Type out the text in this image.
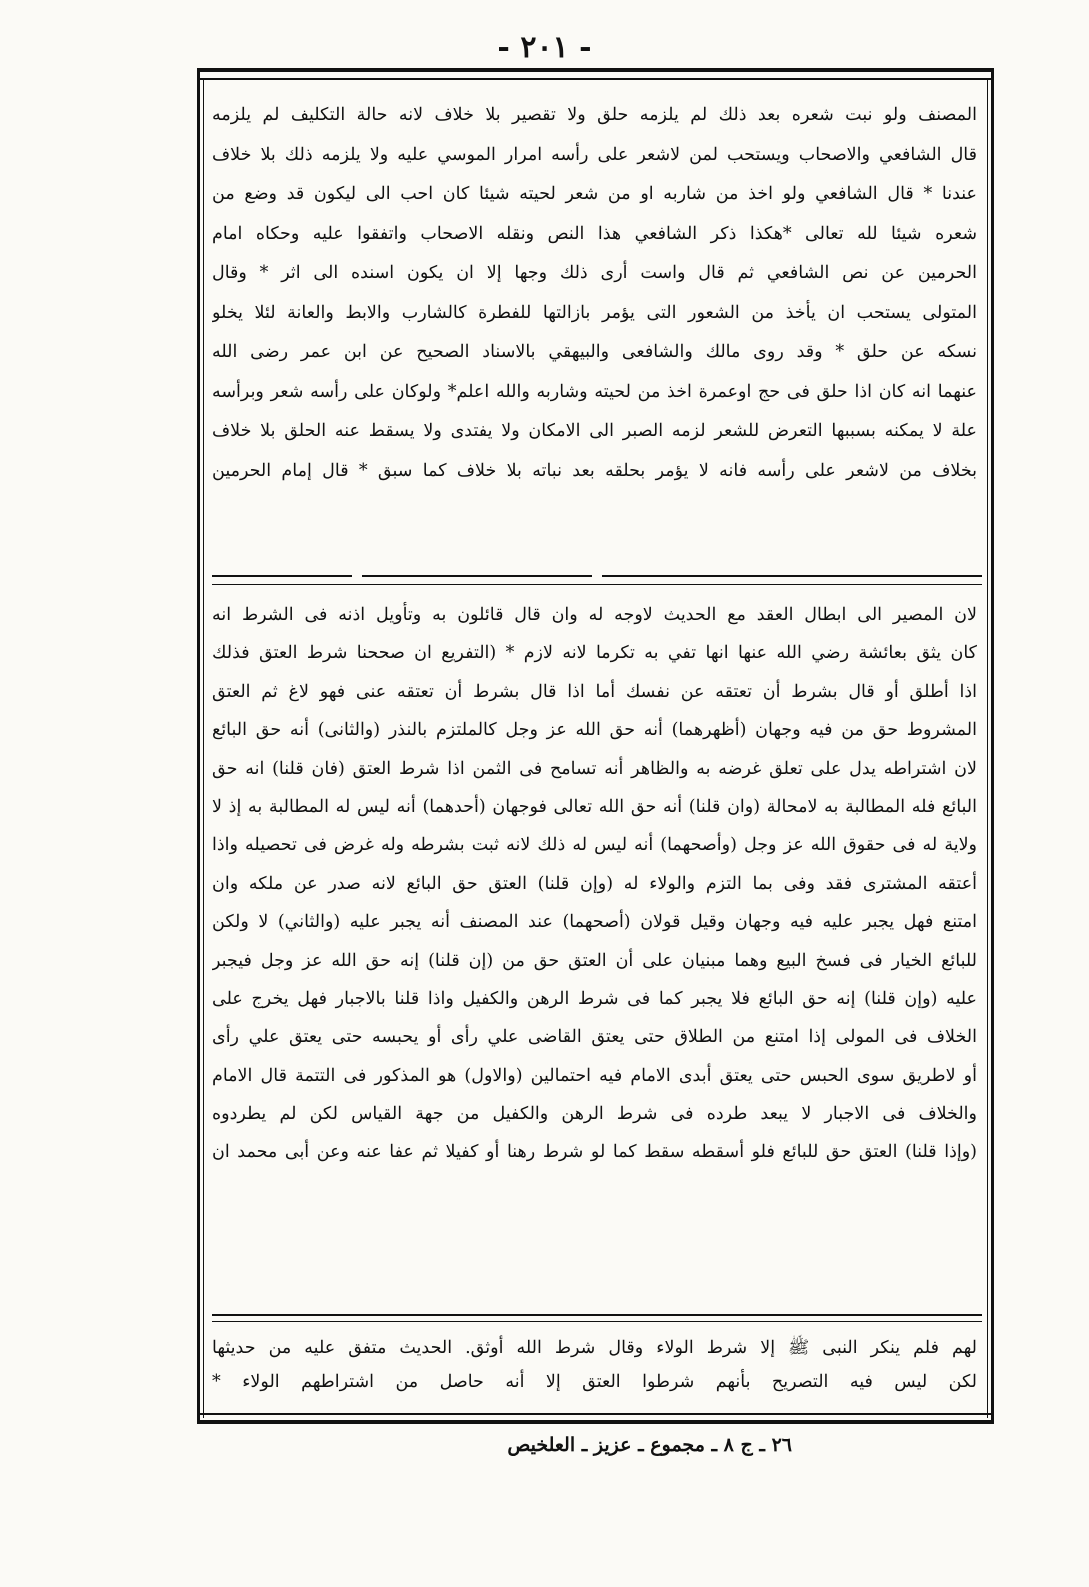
- ٢٠١ -
المصنف ولو نبت شعره بعد ذلك لم يلزمه حلق ولا تقصير بلا خلاف لانه حالة التكليف لم يلزمه
قال الشافعي والاصحاب ويستحب لمن لاشعر على رأسه امرار الموسي عليه ولا يلزمه ذلك بلا خلاف
عندنا * قال الشافعي ولو اخذ من شاربه او من شعر لحيته شيئا كان احب الى ليكون قد وضع من
شعره شيئا لله تعالى *هكذا ذكر الشافعي هذا النص ونقله الاصحاب واتفقوا عليه وحكاه امام
الحرمين عن نص الشافعي ثم قال واست أرى ذلك وجها إلا ان يكون اسنده الى اثر * وقال
المتولى يستحب ان يأخذ من الشعور التى يؤمر بازالتها للفطرة كالشارب والابط والعانة لئلا يخلو
نسكه عن حلق * وقد روى مالك والشافعى والبيهقي بالاسناد الصحيح عن ابن عمر رضى الله
عنهما انه كان اذا حلق فى حج اوعمرة اخذ من لحيته وشاربه والله اعلم* ولوكان على رأسه شعر وبرأسه
علة لا يمكنه بسببها التعرض للشعر لزمه الصبر الى الامكان ولا يفتدى ولا يسقط عنه الحلق بلا خلاف
بخلاف من لاشعر على رأسه فانه لا يؤمر بحلقه بعد نباته بلا خلاف كما سبق * قال إمام الحرمين
لان المصير الى ابطال العقد مع الحديث لاوجه له وان قال قائلون به وتأويل اذنه فى الشرط انه
كان يثق بعائشة رضي الله عنها انها تفي به تكرما لانه لازم * (التفريع ان صححنا شرط العتق فذلك
اذا أطلق أو قال بشرط أن تعتقه عن نفسك أما اذا قال بشرط أن تعتقه عنى فهو لاغ ثم العتق
المشروط حق من فيه وجهان (أظهرهما) أنه حق الله عز وجل كالملتزم بالنذر (والثانى) أنه حق البائع
لان اشتراطه يدل على تعلق غرضه به والظاهر أنه تسامح فى الثمن اذا شرط العتق (فان قلنا) انه حق
البائع فله المطالبة به لامحالة (وان قلنا) أنه حق الله تعالى فوجهان (أحدهما) أنه ليس له المطالبة به إذ لا
ولاية له فى حقوق الله عز وجل (وأصحهما) أنه ليس له ذلك لانه ثبت بشرطه وله غرض فى تحصيله واذا
أعتقه المشترى فقد وفى بما التزم والولاء له (وإن قلنا) العتق حق البائع لانه صدر عن ملكه وان
امتنع فهل يجبر عليه فيه وجهان وقيل قولان (أصحهما) عند المصنف أنه يجبر عليه (والثاني) لا ولكن
للبائع الخيار فى فسخ البيع وهما مبنيان على أن العتق حق من (إن قلنا) إنه حق الله عز وجل فيجبر
عليه (وإن قلنا) إنه حق البائع فلا يجبر كما فى شرط الرهن والكفيل واذا قلنا بالاجبار فهل يخرج على
الخلاف فى المولى إذا امتنع من الطلاق حتى يعتق القاضى علي رأى أو يحبسه حتى يعتق علي رأى
أو لاطريق سوى الحبس حتى يعتق أبدى الامام فيه احتمالين (والاول) هو المذكور فى التتمة قال الامام
والخلاف فى الاجبار لا يبعد طرده فى شرط الرهن والكفيل من جهة القياس لكن لم يطردوه
(وإذا قلنا) العتق حق للبائع فلو أسقطه سقط كما لو شرط رهنا أو كفيلا ثم عفا عنه وعن أبى محمد ان
لهم فلم ينكر النبى ﷺ إلا شرط الولاء وقال شرط الله أوثق. الحديث متفق عليه من حديثها
لكن ليس فيه التصريح بأنهم شرطوا العتق إلا أنه حاصل من اشتراطهم الولاء *
٢٦ ـ ج ٨ ـ مجموع ـ عزيز ـ العلخيص
